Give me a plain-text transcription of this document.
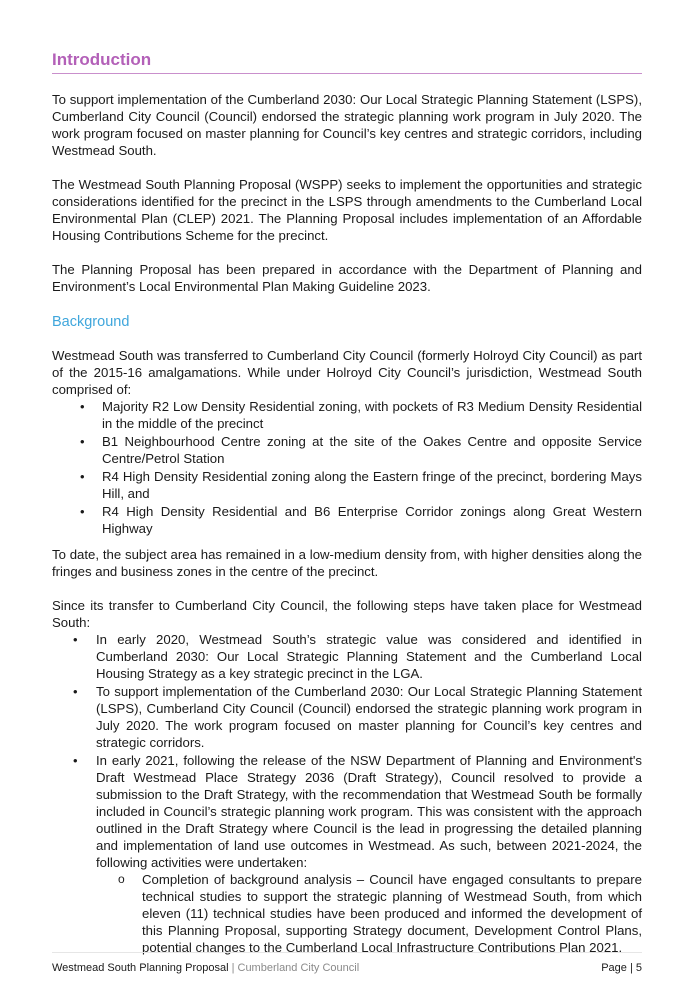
Introduction

To support implementation of the Cumberland 2030: Our Local Strategic Planning Statement (LSPS), Cumberland City Council (Council) endorsed the strategic planning work program in July 2020. The work program focused on master planning for Council’s key centres and strategic corridors, including Westmead South.

The Westmead South Planning Proposal (WSPP) seeks to implement the opportunities and strategic considerations identified for the precinct in the LSPS through amendments to the Cumberland Local Environmental Plan (CLEP) 2021. The Planning Proposal includes implementation of an Affordable Housing Contributions Scheme for the precinct.

The Planning Proposal has been prepared in accordance with the Department of Planning and Environment’s Local Environmental Plan Making Guideline 2023.

Background

Westmead South was transferred to Cumberland City Council (formerly Holroyd City Council) as part of the 2015-16 amalgamations. While under Holroyd City Council’s jurisdiction, Westmead South comprised of:

• Majority R2 Low Density Residential zoning, with pockets of R3 Medium Density Residential in the middle of the precinct
• B1 Neighbourhood Centre zoning at the site of the Oakes Centre and opposite Service Centre/Petrol Station
• R4 High Density Residential zoning along the Eastern fringe of the precinct, bordering Mays Hill, and
• R4 High Density Residential and B6 Enterprise Corridor zonings along Great Western Highway

To date, the subject area has remained in a low-medium density from, with higher densities along the fringes and business zones in the centre of the precinct.

Since its transfer to Cumberland City Council, the following steps have taken place for Westmead South:

• In early 2020, Westmead South’s strategic value was considered and identified in Cumberland 2030: Our Local Strategic Planning Statement and the Cumberland Local Housing Strategy as a key strategic precinct in the LGA.
• To support implementation of the Cumberland 2030: Our Local Strategic Planning Statement (LSPS), Cumberland City Council (Council) endorsed the strategic planning work program in July 2020. The work program focused on master planning for Council’s key centres and strategic corridors.
• In early 2021, following the release of the NSW Department of Planning and Environment's Draft Westmead Place Strategy 2036 (Draft Strategy), Council resolved to provide a submission to the Draft Strategy, with the recommendation that Westmead South be formally included in Council’s strategic planning work program. This was consistent with the approach outlined in the Draft Strategy where Council is the lead in progressing the detailed planning and implementation of land use outcomes in Westmead. As such, between 2021-2024, the following activities were undertaken:
o Completion of background analysis – Council have engaged consultants to prepare technical studies to support the strategic planning of Westmead South, from which eleven (11) technical studies have been produced and informed the development of this Planning Proposal, supporting Strategy document, Development Control Plans, potential changes to the Cumberland Local Infrastructure Contributions Plan 2021.
Westmead South Planning Proposal | Cumberland City Council	Page | 5
